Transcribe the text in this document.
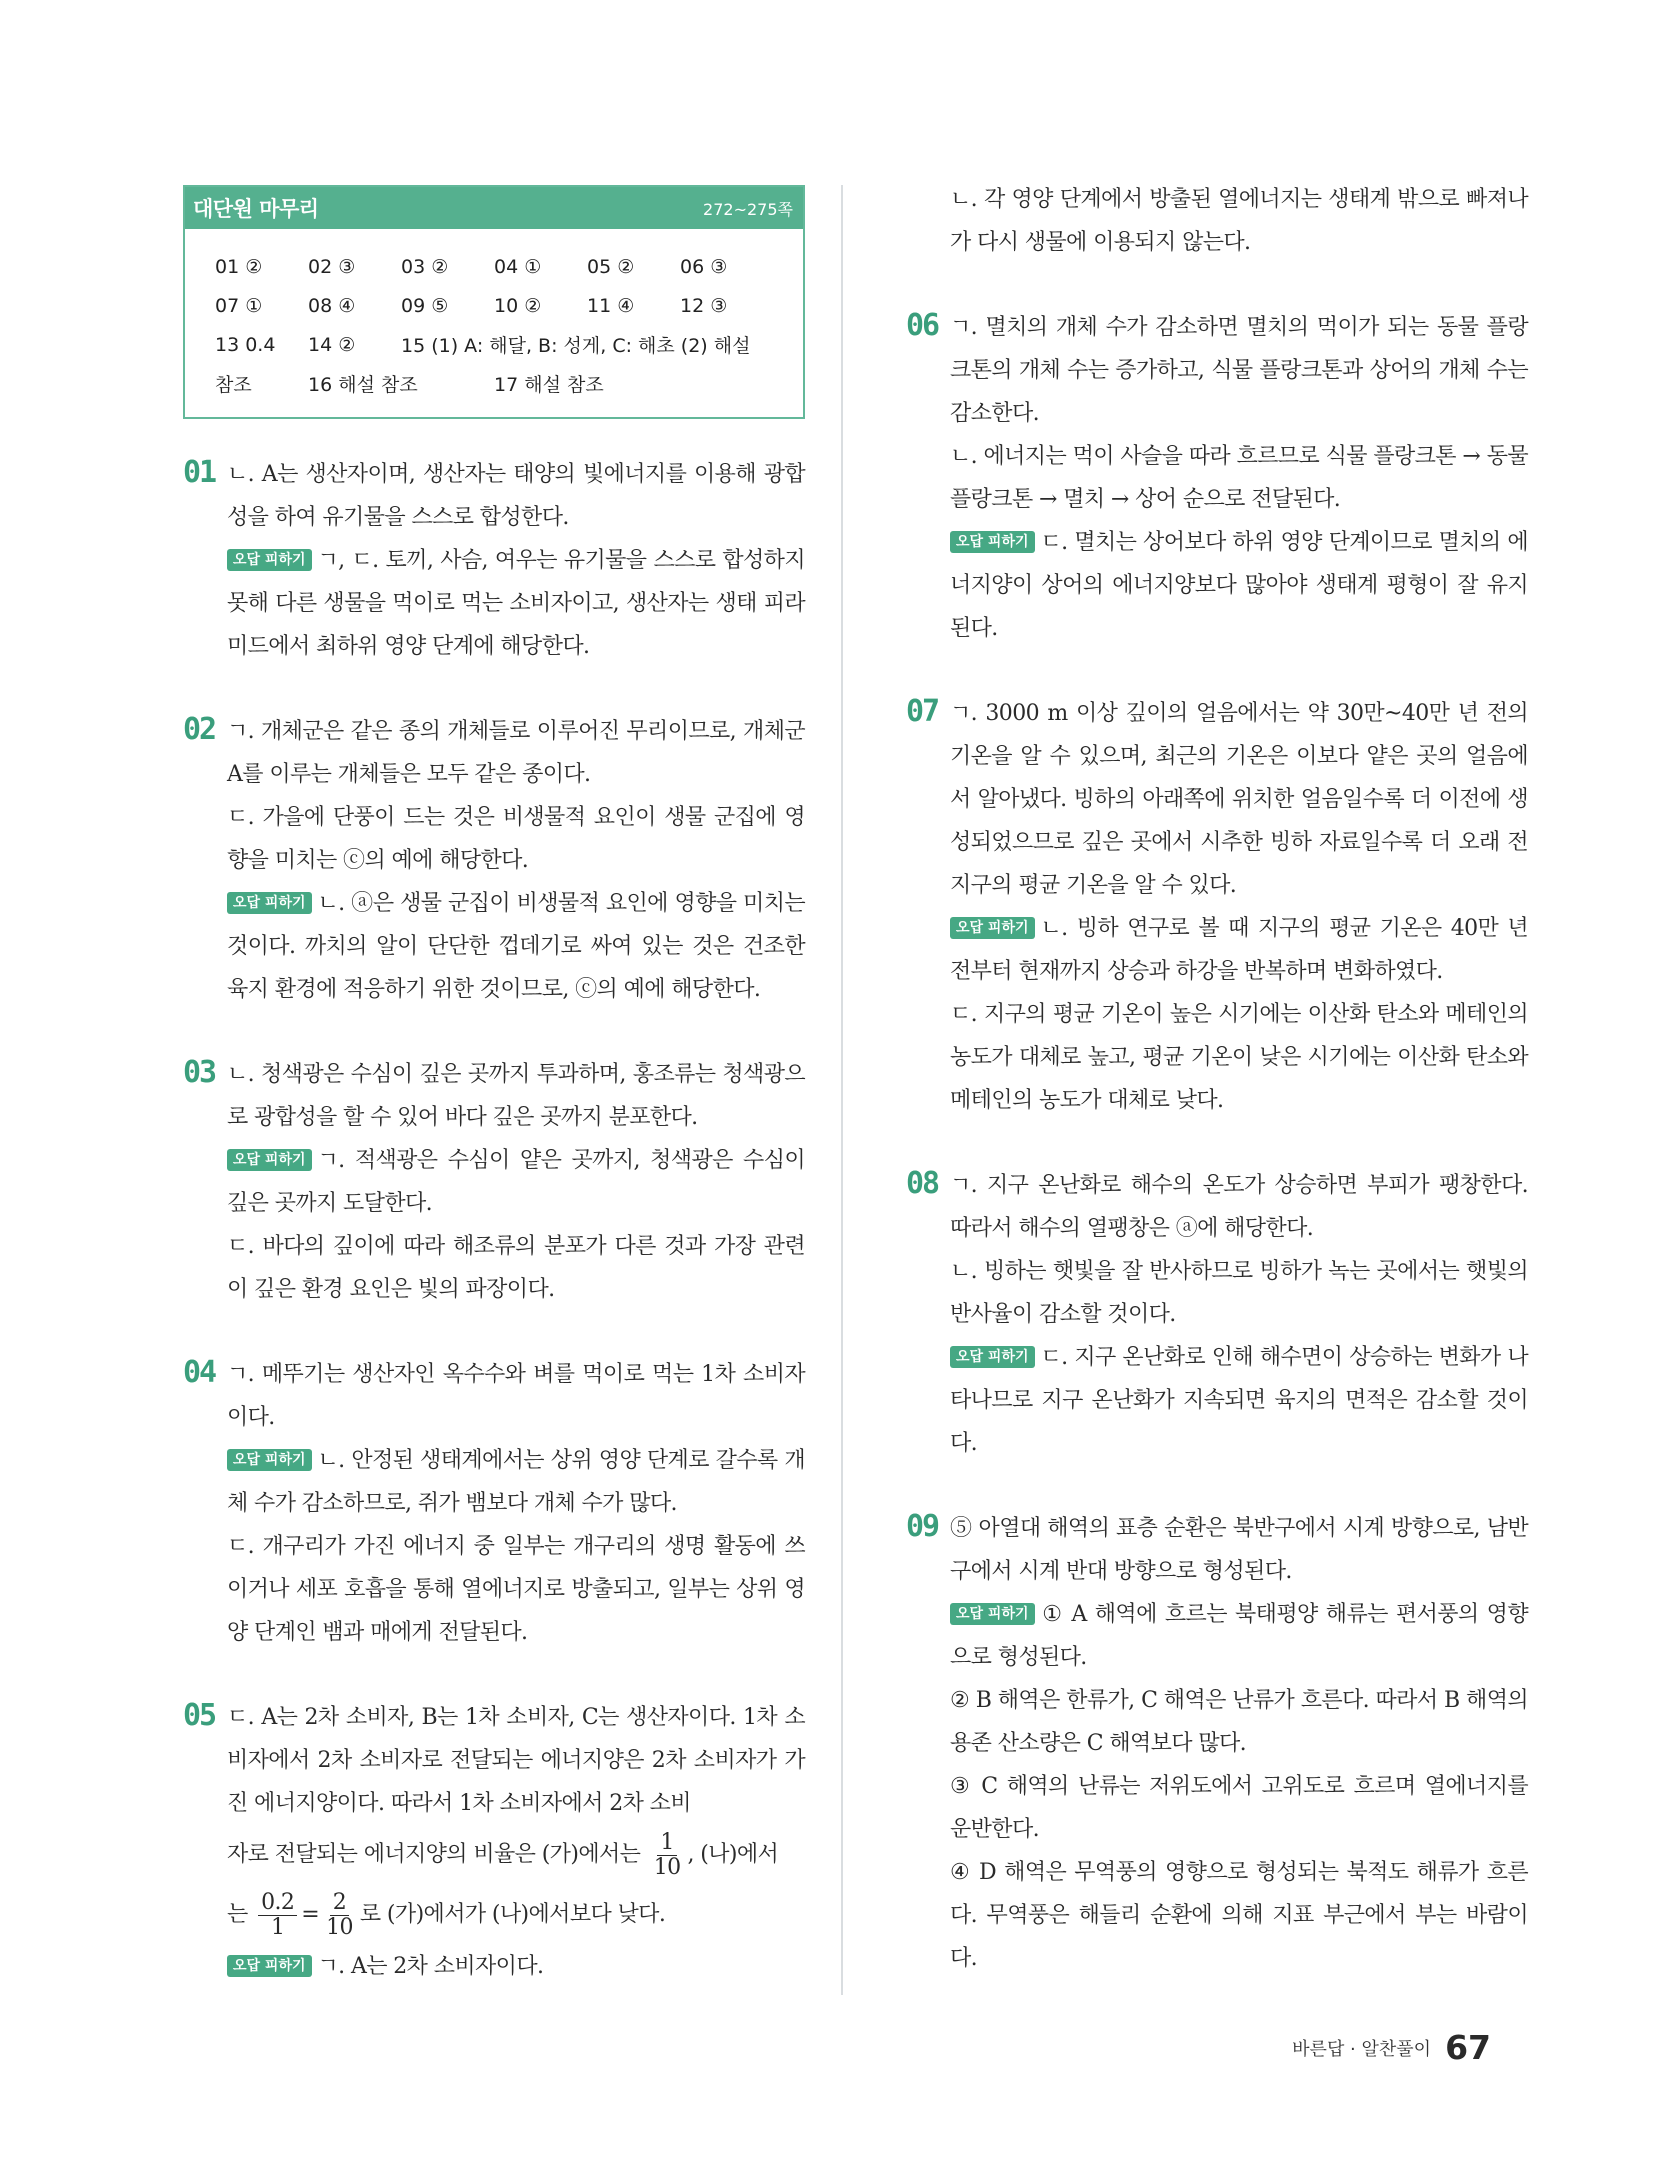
대단원 마무리	272~275쪽
01 ②	02 ③	03 ②	04 ①	05 ②	06 ③
07 ①	08 ④	09 ⑤	10 ②	11 ④	12 ③
13 0.4	14 ②	15 (1) A: 해달, B: 성게, C: 해초 (2) 해설
참조	16 해설 참조	17 해설 참조
01 ㄴ. A는 생산자이며, 생산자는 태양의 빛에너지를 이용해 광합성을 하여 유기물을 스스로 합성한다.
오답 피하기 ㄱ, ㄷ. 토끼, 사슴, 여우는 유기물을 스스로 합성하지 못해 다른 생물을 먹이로 먹는 소비자이고, 생산자는 생태 피라미드에서 최하위 영양 단계에 해당한다.
02 ㄱ. 개체군은 같은 종의 개체들로 이루어진 무리이므로, 개체군 A를 이루는 개체들은 모두 같은 종이다.
ㄷ. 가을에 단풍이 드는 것은 비생물적 요인이 생물 군집에 영향을 미치는 ⓒ의 예에 해당한다.
오답 피하기 ㄴ. ⓐ은 생물 군집이 비생물적 요인에 영향을 미치는 것이다. 까치의 알이 단단한 껍데기로 싸여 있는 것은 건조한 육지 환경에 적응하기 위한 것이므로, ⓒ의 예에 해당한다.
03 ㄴ. 청색광은 수심이 깊은 곳까지 투과하며, 홍조류는 청색광으로 광합성을 할 수 있어 바다 깊은 곳까지 분포한다.
오답 피하기 ㄱ. 적색광은 수심이 얕은 곳까지, 청색광은 수심이 깊은 곳까지 도달한다.
ㄷ. 바다의 깊이에 따라 해조류의 분포가 다른 것과 가장 관련이 깊은 환경 요인은 빛의 파장이다.
04 ㄱ. 메뚜기는 생산자인 옥수수와 벼를 먹이로 먹는 1차 소비자이다.
오답 피하기 ㄴ. 안정된 생태계에서는 상위 영양 단계로 갈수록 개체 수가 감소하므로, 쥐가 뱀보다 개체 수가 많다.
ㄷ. 개구리가 가진 에너지 중 일부는 개구리의 생명 활동에 쓰이거나 세포 호흡을 통해 열에너지로 방출되고, 일부는 상위 영양 단계인 뱀과 매에게 전달된다.
05 ㄷ. A는 2차 소비자, B는 1차 소비자, C는 생산자이다. 1차 소비자에서 2차 소비자로 전달되는 에너지양은 2차 소비자가 가진 에너지양이다. 따라서 1차 소비자에서 2차 소비
자로 전달되는 에너지양의 비율은 (가)에서는 $\frac{1}{10}$ , (나)에서
는 $\frac{0.2}{1} = \frac{2}{10}$ 로 (가)에서가 (나)에서보다 낮다.
오답 피하기 ㄱ. A는 2차 소비자이다.
ㄴ. 각 영양 단계에서 방출된 열에너지는 생태계 밖으로 빠져나가 다시 생물에 이용되지 않는다.
06 ㄱ. 멸치의 개체 수가 감소하면 멸치의 먹이가 되는 동물 플랑크톤의 개체 수는 증가하고, 식물 플랑크톤과 상어의 개체 수는 감소한다.
ㄴ. 에너지는 먹이 사슬을 따라 흐르므로 식물 플랑크톤 → 동물 플랑크톤 → 멸치 → 상어 순으로 전달된다.
오답 피하기 ㄷ. 멸치는 상어보다 하위 영양 단계이므로 멸치의 에너지양이 상어의 에너지양보다 많아야 생태계 평형이 잘 유지된다.
07 ㄱ. 3000 m 이상 깊이의 얼음에서는 약 30만~40만 년 전의 기온을 알 수 있으며, 최근의 기온은 이보다 얕은 곳의 얼음에서 알아냈다. 빙하의 아래쪽에 위치한 얼음일수록 더 이전에 생성되었으므로 깊은 곳에서 시추한 빙하 자료일수록 더 오래 전 지구의 평균 기온을 알 수 있다.
오답 피하기 ㄴ. 빙하 연구로 볼 때 지구의 평균 기온은 40만 년 전부터 현재까지 상승과 하강을 반복하며 변화하였다.
ㄷ. 지구의 평균 기온이 높은 시기에는 이산화 탄소와 메테인의 농도가 대체로 높고, 평균 기온이 낮은 시기에는 이산화 탄소와 메테인의 농도가 대체로 낮다.
08 ㄱ. 지구 온난화로 해수의 온도가 상승하면 부피가 팽창한다. 따라서 해수의 열팽창은 ⓐ에 해당한다.
ㄴ. 빙하는 햇빛을 잘 반사하므로 빙하가 녹는 곳에서는 햇빛의 반사율이 감소할 것이다.
오답 피하기 ㄷ. 지구 온난화로 인해 해수면이 상승하는 변화가 나타나므로 지구 온난화가 지속되면 육지의 면적은 감소할 것이다.
09 ⑤ 아열대 해역의 표층 순환은 북반구에서 시계 방향으로, 남반구에서 시계 반대 방향으로 형성된다.
오답 피하기 ① A 해역에 흐르는 북태평양 해류는 편서풍의 영향으로 형성된다.
② B 해역은 한류가, C 해역은 난류가 흐른다. 따라서 B 해역의 용존 산소량은 C 해역보다 많다.
③ C 해역의 난류는 저위도에서 고위도로 흐르며 열에너지를 운반한다.
④ D 해역은 무역풍의 영향으로 형성되는 북적도 해류가 흐른다. 무역풍은 해들리 순환에 의해 지표 부근에서 부는 바람이다.
바른답 · 알찬풀이 67
